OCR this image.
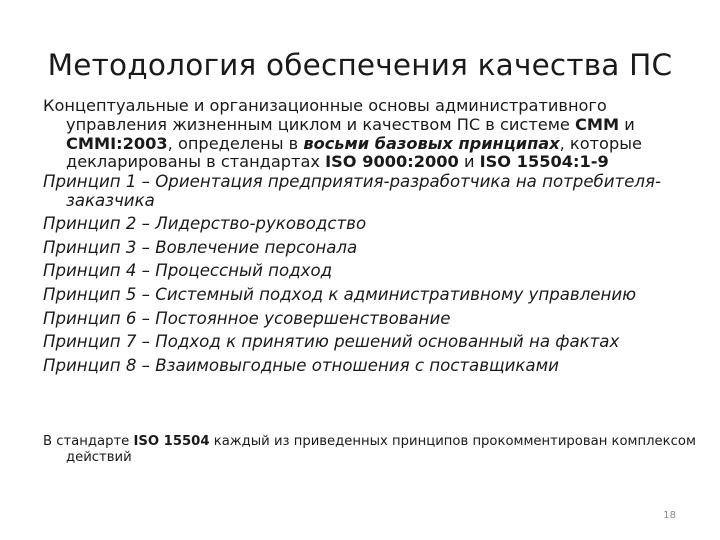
Методология обеспечения качества ПС

Концептуальные и организационные основы административного управления жизненным циклом и качеством ПС в системе CMM и CMMI:2003, определены в восьми базовых принципах, которые декларированы в стандартах ISO 9000:2000 и ISO 15504:1-9

Принцип 1 – Ориентация предприятия-разработчика на потребителя-заказчика

Принцип 2 – Лидерство-руководство

Принцип 3 – Вовлечение персонала

Принцип 4 – Процессный подход

Принцип 5 – Системный подход к административному управлению

Принцип 6 – Постоянное усовершенствование

Принцип 7 – Подход к принятию решений основанный на фактах

Принцип 8 – Взаимовыгодные отношения с поставщиками

В стандарте ISO 15504 каждый из приведенных принципов прокомментирован комплексом действий

18
